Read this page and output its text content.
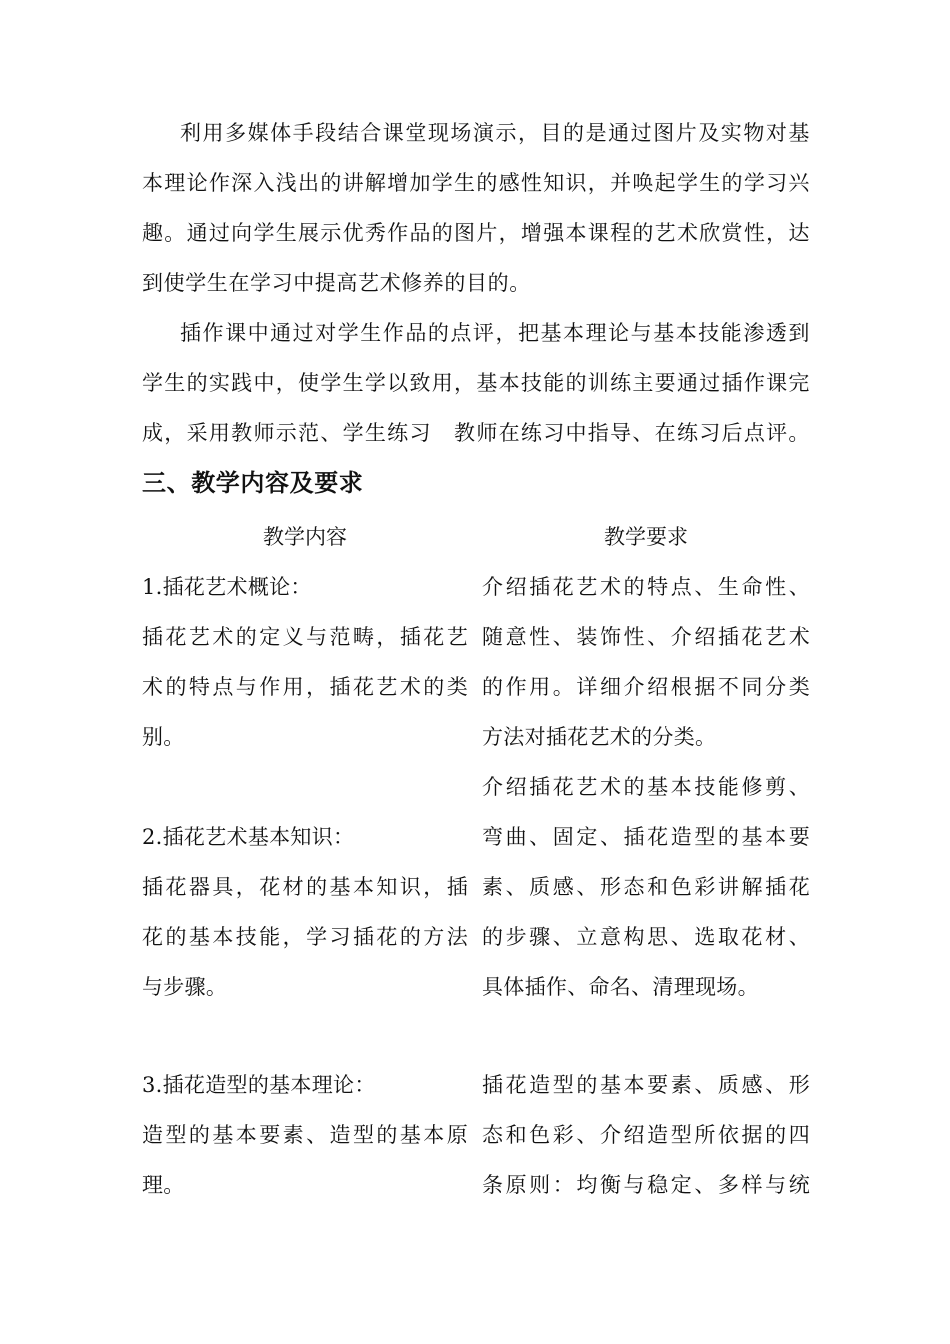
利用多媒体手段结合课堂现场演示，目的是通过图片及实物对基
本理论作深入浅出的讲解增加学生的感性知识，并唤起学生的学习兴
趣。通过向学生展示优秀作品的图片，增强本课程的艺术欣赏性，达
到使学生在学习中提高艺术修养的目的。
插作课中通过对学生作品的点评，把基本理论与基本技能渗透到
学生的实践中，使学生学以致用，基本技能的训练主要通过插作课完
成，采用教师示范、学生练习　教师在练习中指导、在练习后点评。
三、教学内容及要求
教学内容	教学要求
1.插花艺术概论：
插花艺术的定义与范畴，插花艺
术的特点与作用，插花艺术的类
别。
介绍插花艺术的特点、生命性、
随意性、装饰性、介绍插花艺术
的作用。详细介绍根据不同分类
方法对插花艺术的分类。
2.插花艺术基本知识：
插花器具，花材的基本知识，插
花的基本技能，学习插花的方法
与步骤。
介绍插花艺术的基本技能修剪、
弯曲、固定、插花造型的基本要
素、质感、形态和色彩讲解插花
的步骤、立意构思、选取花材、
具体插作、命名、清理现场。
3.插花造型的基本理论：
造型的基本要素、造型的基本原
理。
插花造型的基本要素、质感、形
态和色彩、介绍造型所依据的四
条原则：均衡与稳定、多样与统
